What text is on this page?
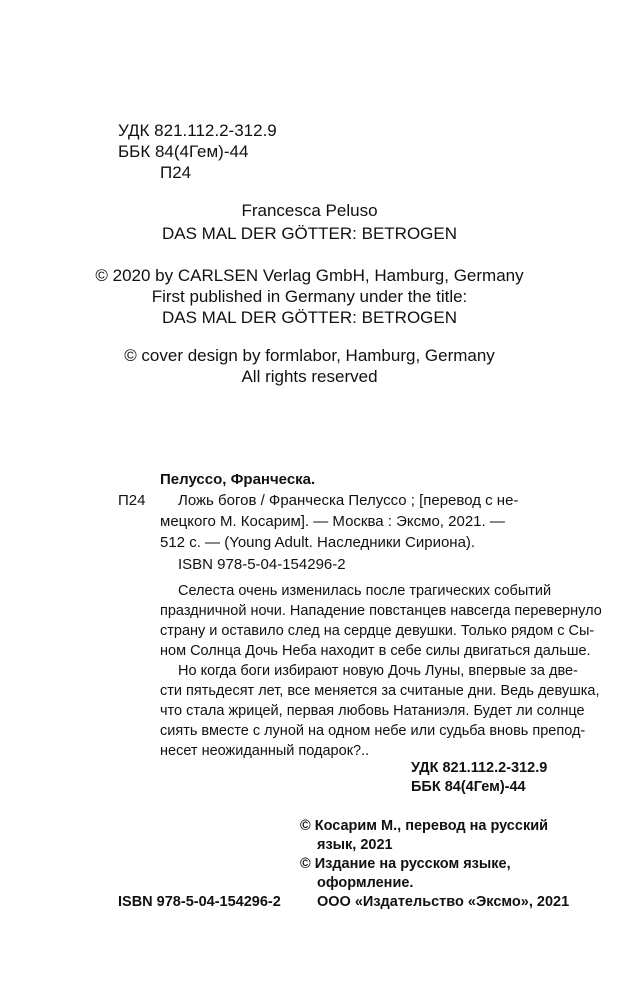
УДК 821.112.2-312.9
ББК 84(4Гем)-44
П24
Francesca Peluso
DAS MAL DER GÖTTER: BETROGEN
© 2020 by CARLSEN Verlag GmbH, Hamburg, Germany
First published in Germany under the title:
DAS MAL DER GÖTTER: BETROGEN
© cover design by formlabor, Hamburg, Germany
All rights reserved
Пелуссо, Франческа.
П24 Ложь богов / Франческа Пелуссо ; [перевод с не-
мецкого М. Косарим]. — Москва : Эксмо, 2021. —
512 с. — (Young Adult. Наследники Сириона).
ISBN 978-5-04-154296-2
Селеста очень изменилась после трагических событий
праздничной ночи. Нападение повстанцев навсегда перевернуло
страну и оставило след на сердце девушки. Только рядом с Сы-
ном Солнца Дочь Неба находит в себе силы двигаться дальше.
Но когда боги избирают новую Дочь Луны, впервые за две-
сти пятьдесят лет, все меняется за считаные дни. Ведь девушка,
что стала жрицей, первая любовь Натаниэля. Будет ли солнце
сиять вместе с луной на одном небе или судьба вновь препод-
несет неожиданный подарок?..
УДК 821.112.2-312.9
ББК 84(4Гем)-44
© Косарим М., перевод на русский
язык, 2021
© Издание на русском языке,
оформление.
ООО «Издательство «Эксмо», 2021
ISBN 978-5-04-154296-2
